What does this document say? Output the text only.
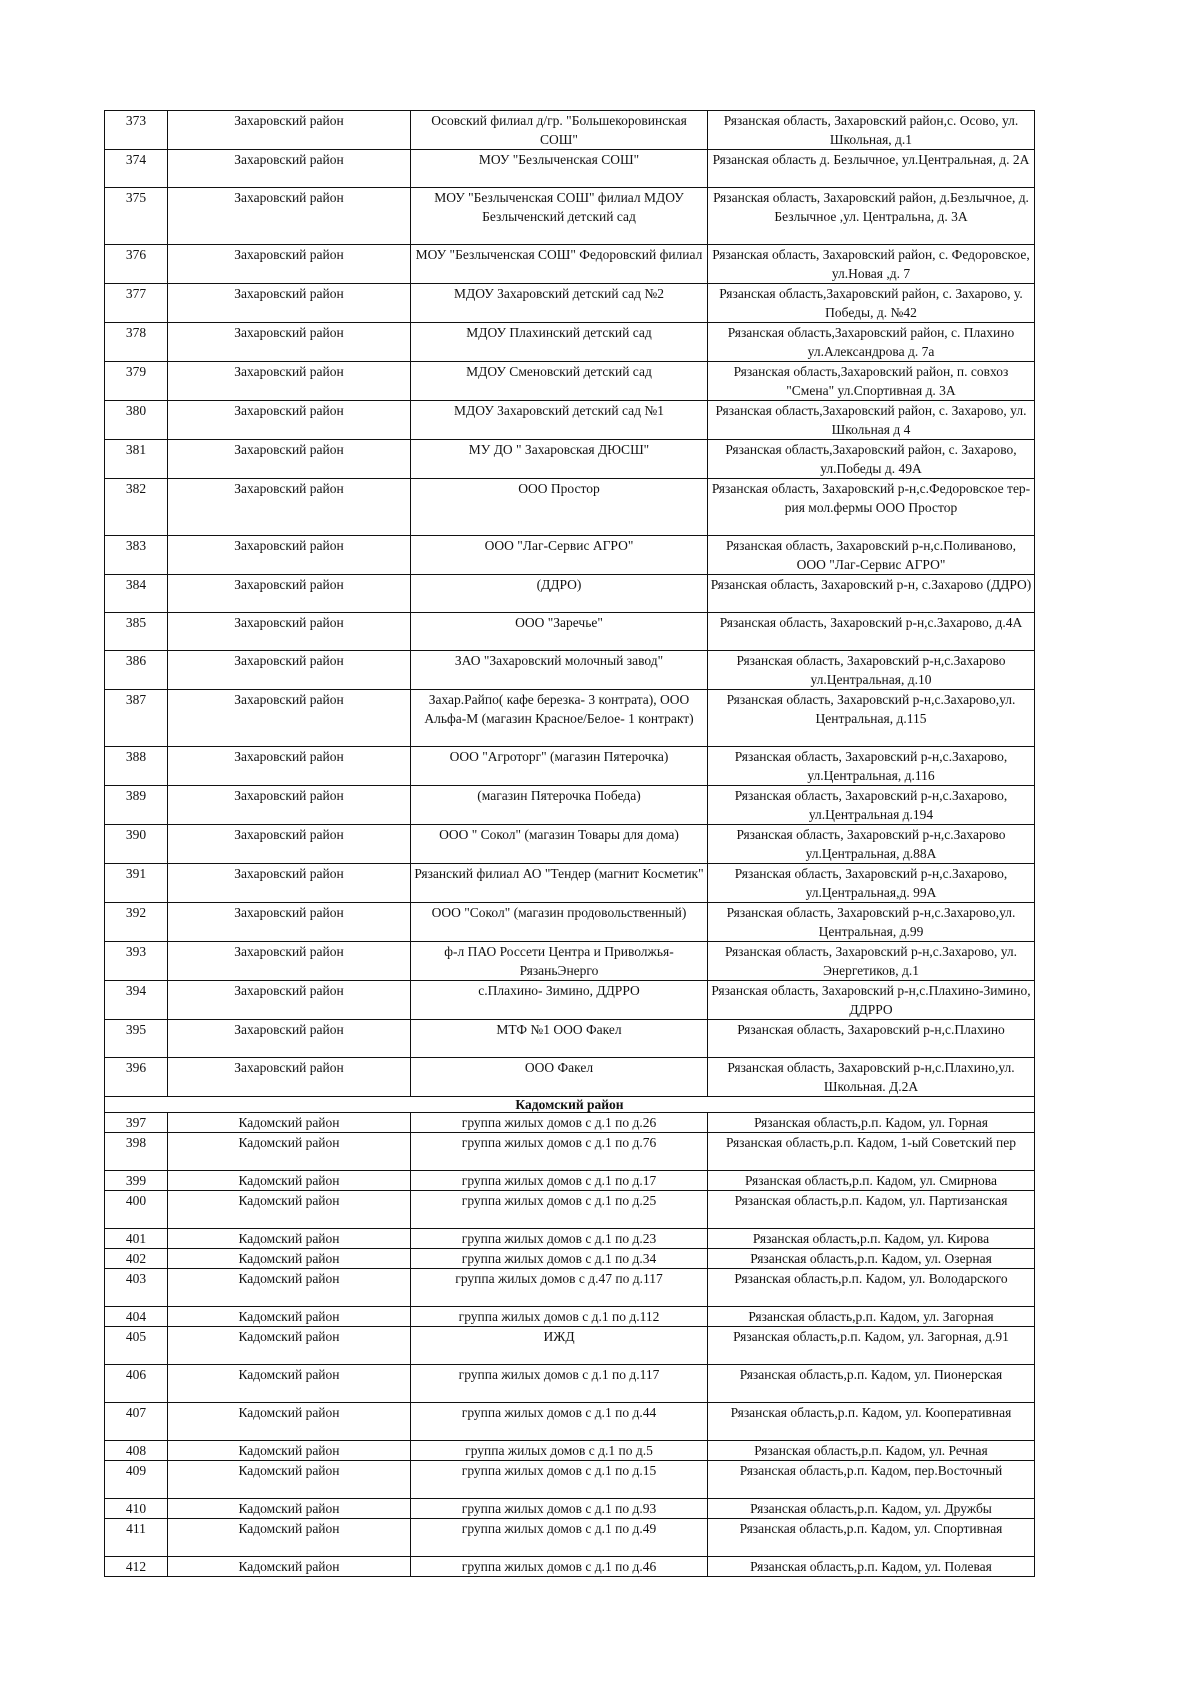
373	Захаровский район	Осовский филиал д/гр. "Большекоровинская СОШ"	Рязанская область, Захаровский район,с. Осово, ул. Школьная, д.1
374	Захаровский район	МОУ "Безлыченская СОШ"	Рязанская область д. Безлычное, ул.Центральная, д. 2А
375	Захаровский район	МОУ "Безлыченская СОШ" филиал МДОУ Безлыченский детский сад	Рязанская область, Захаровский район, д.Безлычное, д. Безлычное ,ул. Центральна, д. 3А
376	Захаровский район	МОУ "Безлыченская СОШ" Федоровский филиал	Рязанская область, Захаровский район, с. Федоровское, ул.Новая ,д. 7
377	Захаровский район	МДОУ Захаровский детский сад №2	Рязанская область,Захаровский район, с. Захарово, у. Победы, д. №42
378	Захаровский район	МДОУ Плахинский детский сад	Рязанская область,Захаровский район, с. Плахино ул.Александрова д. 7а
379	Захаровский район	МДОУ Сменовский детский сад	Рязанская область,Захаровский район, п. совхоз "Смена" ул.Спортивная д. 3А
380	Захаровский район	МДОУ Захаровский детский сад №1	Рязанская область,Захаровский район, с. Захарово, ул. Школьная д 4
381	Захаровский район	МУ ДО " Захаровская ДЮСШ"	Рязанская область,Захаровский район, с. Захарово, ул.Победы д. 49А
382	Захаровский район	ООО Простор	Рязанская область, Захаровский р-н,с.Федоровское тер-рия мол.фермы ООО Простор
383	Захаровский район	ООО "Лаг-Сервис АГРО"	Рязанская область, Захаровский р-н,с.Поливаново, ООО "Лаг-Сервис АГРО"
384	Захаровский район	(ДДРО)	Рязанская область, Захаровский р-н, с.Захарово (ДДРО)
385	Захаровский район	ООО "Заречье"	Рязанская область, Захаровский р-н,с.Захарово, д.4А
386	Захаровский район	ЗАО "Захаровский молочный завод"	Рязанская область, Захаровский р-н,с.Захарово ул.Центральная, д.10
387	Захаровский район	Захар.Райпо( кафе березка- 3 контрата), ООО Альфа-М (магазин Красное/Белое- 1 контракт)	Рязанская область, Захаровский р-н,с.Захарово,ул. Центральная, д.115
388	Захаровский район	ООО "Агроторг" (магазин Пятерочка)	Рязанская область, Захаровский р-н,с.Захарово, ул.Центральная, д.116
389	Захаровский район	(магазин Пятерочка Победа)	Рязанская область, Захаровский р-н,с.Захарово, ул.Центральная д.194
390	Захаровский район	ООО " Сокол" (магазин Товары для дома)	Рязанская область, Захаровский р-н,с.Захарово ул.Центральная, д.88А
391	Захаровский район	Рязанский филиал АО "Тендер (магнит Косметик"	Рязанская область, Захаровский р-н,с.Захарово, ул.Центральная,д. 99А
392	Захаровский район	ООО "Сокол" (магазин продовольственный)	Рязанская область, Захаровский р-н,с.Захарово,ул. Центральная, д.99
393	Захаровский район	ф-л ПАО Россети Центра и Приволжья-РязаньЭнерго	Рязанская область, Захаровский р-н,с.Захарово, ул. Энергетиков, д.1
394	Захаровский район	с.Плахино- Зимино, ДДРРО	Рязанская область, Захаровский р-н,с.Плахино-Зимино, ДДРРО
395	Захаровский район	МТФ №1 ООО Факел	Рязанская область, Захаровский р-н,с.Плахино
396	Захаровский район	ООО Факел	Рязанская область, Захаровский р-н,с.Плахино,ул. Школьная. Д.2А
Кадомский район			
397	Кадомский район	группа жилых домов с д.1 по д.26	Рязанская область,р.п. Кадом, ул. Горная
398	Кадомский район	группа жилых домов с д.1 по д.76	Рязанская область,р.п. Кадом, 1-ый Советский пер
399	Кадомский район	группа жилых домов с д.1 по д.17	Рязанская область,р.п. Кадом, ул. Смирнова
400	Кадомский район	группа жилых домов с д.1 по д.25	Рязанская область,р.п. Кадом, ул. Партизанская
401	Кадомский район	группа жилых домов с д.1 по д.23	Рязанская область,р.п. Кадом, ул. Кирова
402	Кадомский район	группа жилых домов с д.1 по д.34	Рязанская область,р.п. Кадом, ул. Озерная
403	Кадомский район	группа жилых домов с д.47 по д.117	Рязанская область,р.п. Кадом, ул. Володарского
404	Кадомский район	группа жилых домов с д.1 по д.112	Рязанская область,р.п. Кадом, ул. Загорная
405	Кадомский район	ИЖД	Рязанская область,р.п. Кадом, ул. Загорная, д.91
406	Кадомский район	группа жилых домов с д.1 по д.117	Рязанская область,р.п. Кадом, ул. Пионерская
407	Кадомский район	группа жилых домов с д.1 по д.44	Рязанская область,р.п. Кадом, ул. Кооперативная
408	Кадомский район	группа жилых домов с д.1 по д.5	Рязанская область,р.п. Кадом, ул. Речная
409	Кадомский район	группа жилых домов с д.1 по д.15	Рязанская область,р.п. Кадом, пер.Восточный
410	Кадомский район	группа жилых домов с д.1 по д.93	Рязанская область,р.п. Кадом, ул. Дружбы
411	Кадомский район	группа жилых домов с д.1 по д.49	Рязанская область,р.п. Кадом, ул. Спортивная
412	Кадомский район	группа жилых домов с д.1 по д.46	Рязанская область,р.п. Кадом, ул. Полевая
